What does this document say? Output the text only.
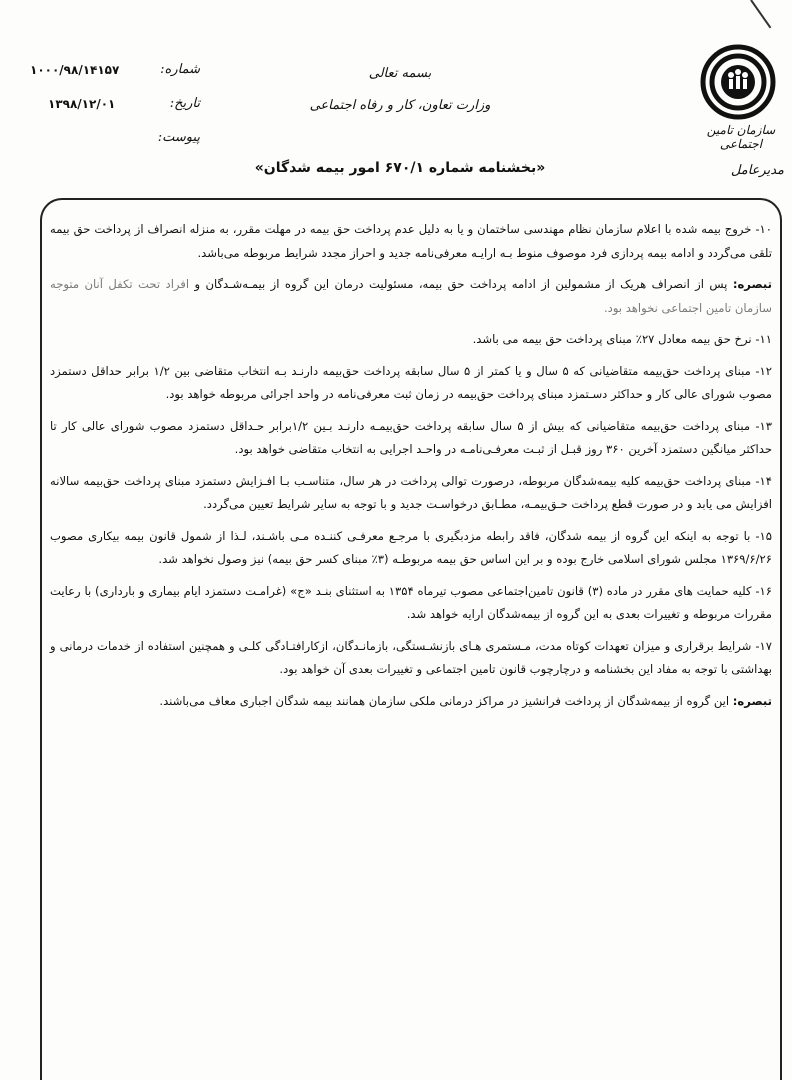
سازمان تامین اجتماعی
بسمه تعالی
وزارت تعاون، کار و رفاه اجتماعی
شماره:
۱۰۰۰/۹۸/۱۴۱۵۷
تاریخ:
۱۳۹۸/۱۲/۰۱
پیوست:
«بخشنامه شماره ۶۷۰/۱ امور بیمه شدگان»	مدیرعامل

۱۰- خروج بیمه شده با اعلام سازمان نظام مهندسی ساختمان و یا به دلیل عدم پرداخت حق بیمه در مهلت مقرر، به منزله انصراف از پرداخت حق بیمه تلقی می‌گردد و ادامه بیمه پردازی فرد موصوف منوط بـه ارایـه معرفی‌نامه جدید و احراز مجدد شرایط مربوطه می‌باشد.

تبصره: پس از انصراف هریک از مشمولین از ادامه پرداخت حق بیمه، مسئولیت درمان این گروه از بیمـه‌شـدگان و افراد تحت تکفل آنان متوجه سازمان تامین اجتماعی نخواهد بود.

۱۱- نرخ حق بیمه معادل ۲۷٪ مبنای پرداخت حق بیمه می باشد.

۱۲- مبنای پرداخت حق‌بیمه متقاضیانی که ۵ سال و یا کمتر از ۵ سال سابقه پرداخت حق‌بیمه دارنـد بـه انتخاب متقاضی بین ۱/۲ برابر حداقل دستمزد مصوب شورای عالی کار و حداکثر دسـتمزد مبنای پرداخت حق‌بیمه در زمان ثبت معرفی‌نامه در واحد اجرائی مربوطه خواهد بود.

۱۳- مبنای پرداخت حق‌بیمه متقاضیانی که بیش از ۵ سال سابقه پرداخت حق‌بیمـه دارنـد بـین ۱/۲برابر حـداقل دستمزد مصوب شورای عالی کار تا حداکثر میانگین دستمزد آخرین ۳۶۰ روز قبـل از ثبـت معرفـی‌نامـه در واحـد اجرایی به انتخاب متقاضی خواهد بود.

۱۴- مبنای پرداخت حق‌بیمه کلیه بیمه‌شدگان مربوطه، درصورت توالی پرداخت در هر سال، متناسـب بـا افـزایش دستمزد مبنای پرداخت حق‌بیمه سالانه افزایش می یابد و در صورت قطع پرداخت حـق‌بیمـه، مطـابق درخواسـت جدید و با توجه به سایر شرایط تعیین می‌گردد.

۱۵- با توجه به اینکه این گروه از بیمه شدگان، فاقد رابطه مزدبگیری با مرجـع معرفـی کننـده مـی باشـند، لـذا از شمول قانون بیمه بیکاری مصوب ۱۳۶۹/۶/۲۶ مجلس شورای اسلامی خارج بوده و بر این اساس حق بیمه مربوطـه (۳٪ مبنای کسر حق بیمه) نیز وصول نخواهد شد.

۱۶- کلیه حمایت های مقرر در ماده (۳) قانون تامین‌اجتماعی مصوب تیرماه ۱۳۵۴ به استثنای بنـد «ج» (غرامـت دستمزد ایام بیماری و بارداری) با رعایت مقررات مربوطه و تغییرات بعدی به این گروه از بیمه‌شدگان ارایه خواهد شد.

۱۷- شرایط برقراری و میزان تعهدات کوتاه مدت، مـستمری هـای بازنشـستگی، بازمانـدگان، ازکارافتـادگی کلـی و همچنین استفاده از خدمات درمانی و بهداشتی با توجه به مفاد این بخشنامه و درچارچوب قانون تامین اجتماعی و تغییرات بعدی آن خواهد بود.

تبصره: این گروه از بیمه‌شدگان از پرداخت فرانشیز در مراکز درمانی ملکی سازمان همانند بیمه شدگان اجباری معاف می‌باشند.
